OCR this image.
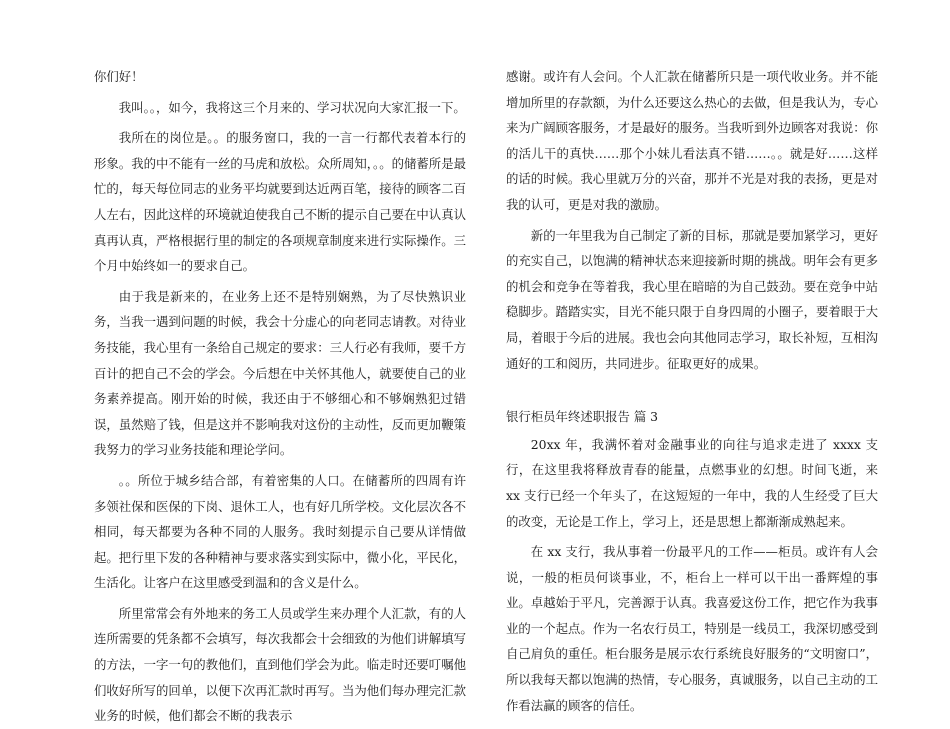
你们好！

我叫。。，如今，我将这三个月来的、学习状况向大家汇报一下。

我所在的岗位是。。的服务窗口，我的一言一行都代表着本行的形象。我的中不能有一丝的马虎和放松。众所周知，。。的储蓄所是最忙的，每天每位同志的业务平均就要到达近两百笔，接待的顾客二百人左右，因此这样的环境就迫使我自己不断的提示自己要在中认真认真再认真，严格根据行里的制定的各项规章制度来进行实际操作。三个月中始终如一的要求自己。

由于我是新来的，在业务上还不是特别娴熟，为了尽快熟识业务，当我一遇到问题的时候，我会十分虚心的向老同志请教。对待业务技能，我心里有一条给自己规定的要求：三人行必有我师，要千方百计的把自己不会的学会。今后想在中关怀其他人，就要使自己的业务素养提高。刚开始的时候，我还由于不够细心和不够娴熟犯过错误，虽然赔了钱，但是这并不影响我对这份的主动性，反而更加鞭策我努力的学习业务技能和理论学问。

。。所位于城乡结合部，有着密集的人口。在储蓄所的四周有许多领社保和医保的下岗、退休工人，也有好几所学校。文化层次各不相同，每天都要为各种不同的人服务。我时刻提示自己要从详情做起。把行里下发的各种精神与要求落实到实际中，微小化，平民化，生活化。让客户在这里感受到温和的含义是什么。

所里常常会有外地来的务工人员或学生来办理个人汇款，有的人连所需要的凭条都不会填写，每次我都会十会细致的为他们讲解填写的方法，一字一句的教他们，直到他们学会为此。临走时还要叮嘱他们收好所写的回单，以便下次再汇款时再写。当为他们每办理完汇款业务的时候，他们都会不断的我表示

感谢。或许有人会问。个人汇款在储蓄所只是一项代收业务。并不能增加所里的存款额，为什么还要这么热心的去做，但是我认为，专心来为广阔顾客服务，才是最好的服务。当我听到外边顾客对我说：你的活儿干的真快……那个小妹儿看法真不错……。。就是好……这样的话的时候。我心里就万分的兴奋，那并不光是对我的表扬，更是对我的认可，更是对我的激励。

新的一年里我为自己制定了新的目标，那就是要加紧学习，更好的充实自己，以饱满的精神状态来迎接新时期的挑战。明年会有更多的机会和竞争在等着我，我心里在暗暗的为自己鼓劲。要在竞争中站稳脚步。踏踏实实，目光不能只限于自身四周的小圈子，要着眼于大局，着眼于今后的进展。我也会向其他同志学习，取长补短，互相沟通好的工和阅历，共同进步。征取更好的成果。

银行柜员年终述职报告 篇 3

20xx 年，我满怀着对金融事业的向往与追求走进了 xxxx 支行，在这里我将释放青春的能量，点燃事业的幻想。时间飞逝，来 xx 支行已经一个年头了，在这短短的一年中，我的人生经受了巨大的改变，无论是工作上，学习上，还是思想上都渐渐成熟起来。

在 xx 支行，我从事着一份最平凡的工作——柜员。或许有人会说，一般的柜员何谈事业，不，柜台上一样可以干出一番辉煌的事业。卓越始于平凡，完善源于认真。我喜爱这份工作，把它作为我事业的一个起点。作为一名农行员工，特别是一线员工，我深切感受到自己肩负的重任。柜台服务是展示农行系统良好服务的“文明窗口”，所以我每天都以饱满的热情，专心服务，真诚服务，以自己主动的工作看法赢的顾客的信任。
